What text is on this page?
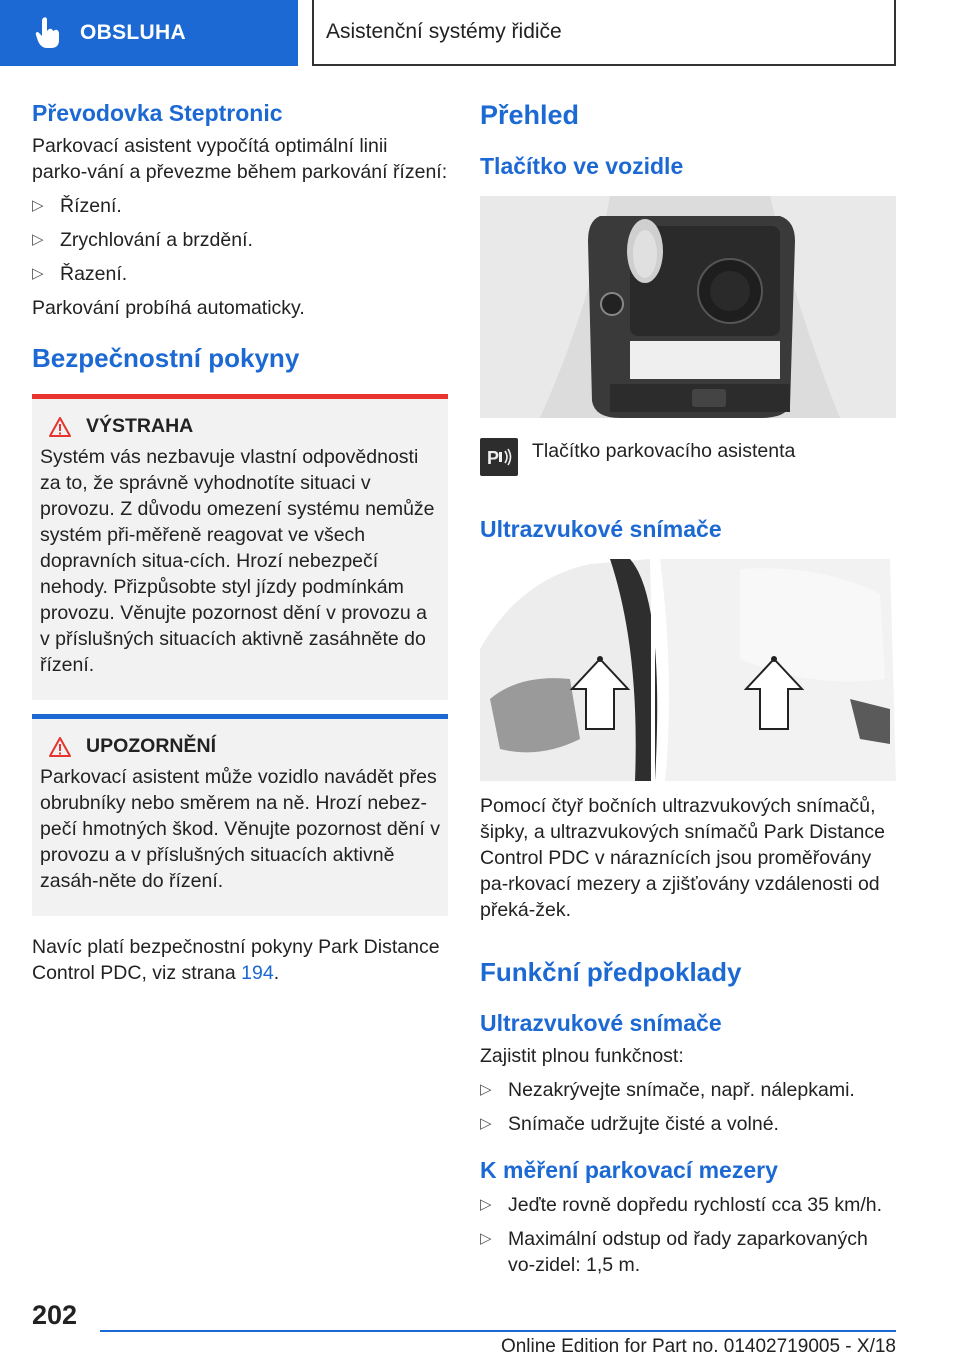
OBSLUHA	Asistenční systémy řidiče
Převodovka Steptronic

Parkovací asistent vypočítá optimální linii parko‐vání a převezme během parkování řízení:

▷ Řízení.
▷ Zrychlování a brzdění.
▷ Řazení.

Parkování probíhá automaticky.

Bezpečnostní pokyny
VÝSTRAHA

Systém vás nezbavuje vlastní odpovědnosti za to, že správně vyhodnotíte situaci v provozu. Z důvodu omezení systému nemůže systém při‐měřeně reagovat ve všech dopravních situa‐cích. Hrozí nebezpečí nehody. Přizpůsobte styl jízdy podmínkám provozu. Věnujte pozornost dění v provozu a v příslušných situacích aktivně zasáhněte do řízení.

UPOZORNĚNÍ

Parkovací asistent může vozidlo navádět přes obrubníky nebo směrem na ně. Hrozí nebez‐pečí hmotných škod. Věnujte pozornost dění v provozu a v příslušných situacích aktivně zasáh‐něte do řízení.

Navíc platí bezpečnostní pokyny Park Distance Control PDC, viz strana 194.

Přehled
Tlačítko ve vozidle
P Tlačítko parkovacího asistenta
Ultrazvukové snímače

Pomocí čtyř bočních ultrazvukových snímačů, šipky, a ultrazvukových snímačů Park Distance Control PDC v náraznících jsou proměřovány pa‐rkovací mezery a zjišťovány vzdálenosti od překá‐žek.

Funkční předpoklady
Ultrazvukové snímače

Zajistit plnou funkčnost:

▷ Nezakrývejte snímače, např. nálepkami.
▷ Snímače udržujte čisté a volné.
K měření parkovací mezery
▷ Jeďte rovně dopředu rychlostí cca 35 km/h.
▷ Maximální odstup od řady zaparkovaných vo‐zidel: 1,5 m.
202
Online Edition for Part no. 01402719005 - X/18
